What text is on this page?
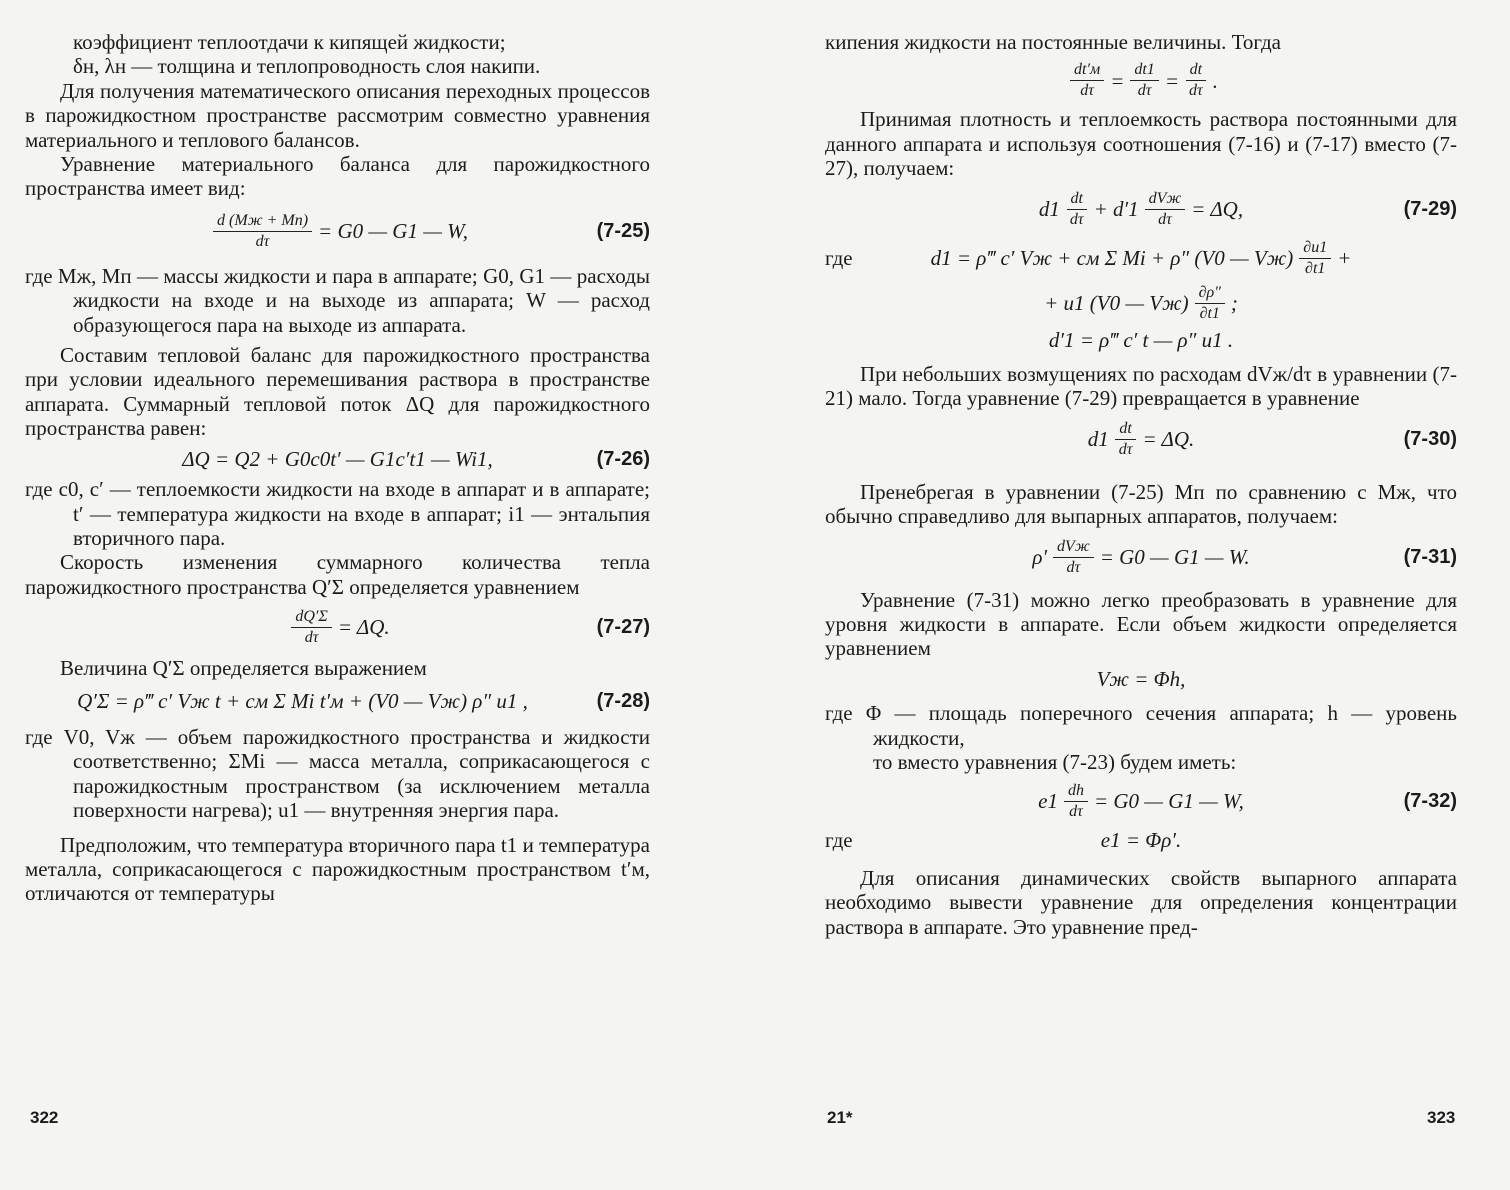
коэффициент теплоотдачи к кипящей жидкости;

δн, λн — толщина и теплопроводность слоя накипи.

Для получения математического описания переходных процессов в парожидкостном пространстве рассмотрим совместно уравнения материального и теплового балансов.

Уравнение материального баланса для парожидкостного пространства имеет вид:

$\frac{d (Mж + Mп)}{d\tau} = G0$ — G1 — W,	(7-25)

где Mж, Mп — массы жидкости и пара в аппарате; G0, G1 — расходы жидкости на входе и на выходе из аппарата; W — расход образующегося пара на выходе из аппарата.

Составим тепловой баланс для парожидкостного пространства при условии идеального перемешивания раствора в пространстве аппарата. Суммарный тепловой поток ΔQ для парожидкостного пространства равен:

ΔQ = Q2 + G0c0t′ — G1c′t1 — Wi1,	(7-26)

где c0, c′ — теплоемкости жидкости на входе в аппарат и в аппарате; t′ — температура жидкости на входе в аппарат; i1 — энтальпия вторичного пара.

Скорость изменения суммарного количества тепла парожидкостного пространства Q′Σ определяется уравнением

$\frac{dQ'\Sigma}{d\tau} = \Delta Q$.	(7-27)

Величина Q′Σ определяется выражением

Q′Σ = ρ‴ c′ Vж t + cм Σ Mi t′м + (V0 — Vж) ρ″ u1 ,	(7-28)

где V0, Vж — объем парожидкостного пространства и жидкости соответственно; ΣMi — масса металла, соприкасающегося с парожидкостным пространством (за исключением металла поверхности нагрева); u1 — внутренняя энергия пара.

Предположим, что температура вторичного пара t1 и температура металла, соприкасающегося с парожидкостным пространством t′м, отличаются от температуры

322

кипения жидкости на постоянные величины. Тогда

$\frac{dt'м}{d\tau} = \frac{dt1}{d\tau} = \frac{dt}{d\tau}$ .

Принимая плотность и теплоемкость раствора постоянными для данного аппарата и используя соотношения (7-16) и (7-17) вместо (7-27), получаем:

$d1 \frac{dt}{d\tau} + d'1 \frac{\text{dVж}}{d\tau} = \Delta Q$,	(7-29)
где	d1 = ρ‴ c′ Vж + cм Σ Mi + ρ″ (V0 — $Vж) \frac{\partial u1}{\partial t1}$ +
+ u1 (V0 — $Vж) \frac{\partial\rho''}{\partial t1}$ ;
d′1 = ρ‴ c′ t — ρ″ u1 .

При небольших возмущениях по расходам dVж/dτ в уравнении (7-21) мало. Тогда уравнение (7-29) превращается в уравнение

$d1 \frac{dt}{d\tau} = \Delta Q$.	(7-30)

Пренебрегая в уравнении (7-25) Mп по сравнению с Mж, что обычно справедливо для выпарных аппаратов, получаем:

$\rho' \frac{\text{dVж}}{d\tau} = G0$ — G1 — W.	(7-31)

Уравнение (7-31) можно легко преобразовать в уравнение для уровня жидкости в аппарате. Если объем жидкости определяется уравнением

Vж = Φh,

где Φ — площадь поперечного сечения аппарата; h — уровень жидкости,

то вместо уравнения (7-23) будем иметь:

$e1 \frac{dh}{d\tau} = G0$ — G1 — W,	(7-32)
где	e1 = Φρ′.

Для описания динамических свойств выпарного аппарата необходимо вывести уравнение для определения концентрации раствора в аппарате. Это уравнение пред-

21*	323
